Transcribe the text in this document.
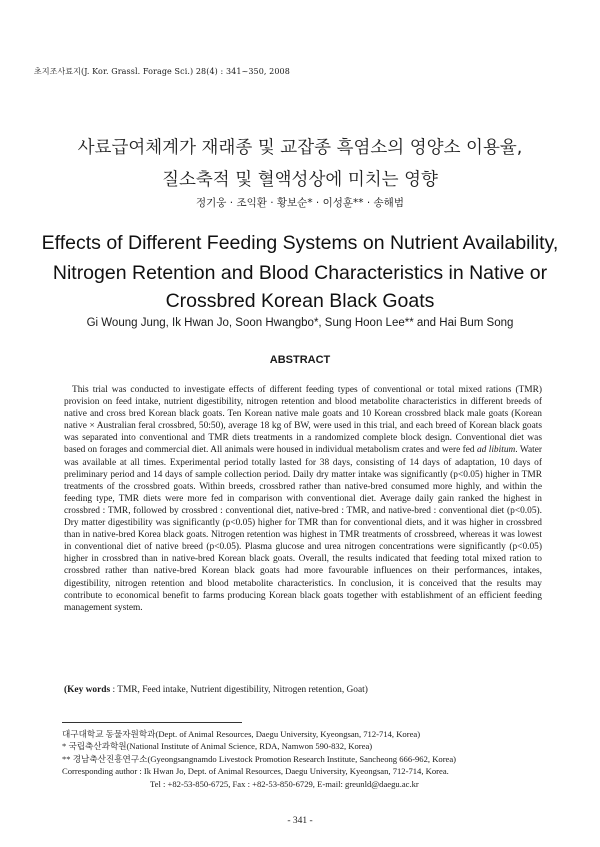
초지조사료지(J. Kor. Grassl. Forage Sci.) 28(4) : 341~350, 2008
사료급여체계가 재래종 및 교잡종 흑염소의 영양소 이용율,
질소축적 및 혈액성상에 미치는 영향
정기웅 · 조익환 · 황보순* · 이성훈** · 송해범
Effects of Different Feeding Systems on Nutrient Availability,
Nitrogen Retention and Blood Characteristics in Native or
Crossbred Korean Black Goats
Gi Woung Jung, Ik Hwan Jo, Soon Hwangbo*, Sung Hoon Lee** and Hai Bum Song
ABSTRACT
This trial was conducted to investigate effects of different feeding types of conventional or total mixed rations (TMR) provision on feed intake, nutrient digestibility, nitrogen retention and blood metabolite characteristics in different breeds of native and cross bred Korean black goats. Ten Korean native male goats and 10 Korean crossbred black male goats (Korean native × Australian feral crossbred, 50:50), average 18 kg of BW, were used in this trial, and each breed of Korean black goats was separated into conventional and TMR diets treatments in a randomized complete block design. Conventional diet was based on forages and commercial diet. All animals were housed in individual metabolism crates and were fed ad libitum. Water was available at all times. Experimental period totally lasted for 38 days, consisting of 14 days of adaptation, 10 days of preliminary period and 14 days of sample collection period. Daily dry matter intake was significantly (p<0.05) higher in TMR treatments of the crossbred goats. Within breeds, crossbred rather than native-bred consumed more highly, and within the feeding type, TMR diets were more fed in comparison with conventional diet. Average daily gain ranked the highest in crossbred : TMR, followed by crossbred : conventional diet, native-bred : TMR, and native-bred : conventional diet (p<0.05). Dry matter digestibility was significantly (p<0.05) higher for TMR than for conventional diets, and it was higher in crossbred than in native-bred Korea black goats. Nitrogen retention was highest in TMR treatments of crossbreed, whereas it was lowest in conventional diet of native breed (p<0.05). Plasma glucose and urea nitrogen concentrations were significantly (p<0.05) higher in crossbred than in native-bred Korean black goats. Overall, the results indicated that feeding total mixed ration to crossbred rather than native-bred Korean black goats had more favourable influences on their performances, intakes, digestibility, nitrogen retention and blood metabolite characteristics. In conclusion, it is conceived that the results may contribute to economical benefit to farms producing Korean black goats together with establishment of an efficient feeding management system.
(Key words : TMR, Feed intake, Nutrient digestibility, Nitrogen retention, Goat)
대구대학교 동물자원학과(Dept. of Animal Resources, Daegu University, Kyeongsan, 712-714, Korea)
* 국립축산과학원(National Institute of Animal Science, RDA, Namwon 590-832, Korea)
** 경남축산진흥연구소(Gyeongsangnamdo Livestock Promotion Research Institute, Sancheong 666-962, Korea)
Corresponding author : Ik Hwan Jo, Dept. of Animal Resources, Daegu University, Kyeongsan, 712-714, Korea.
Tel : +82-53-850-6725, Fax : +82-53-850-6729, E-mail: greunld@daegu.ac.kr
- 341 -
